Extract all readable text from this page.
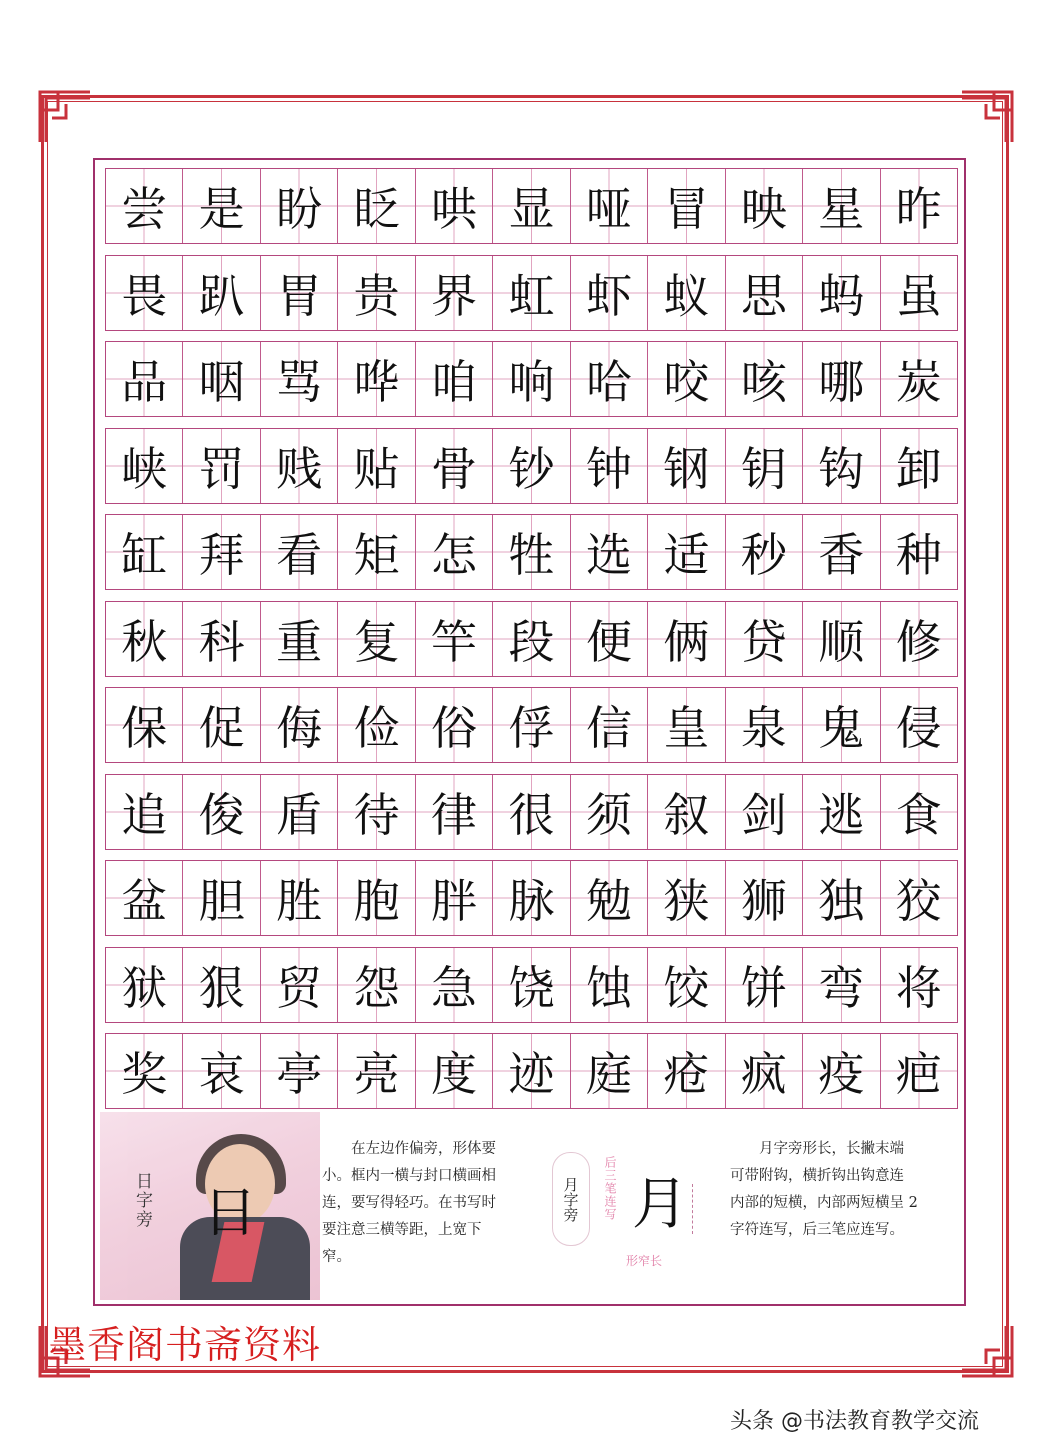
尝 是 盼 眨 哄 显 哑 冒 映 星 昨
畏 趴 胃 贵 界 虹 虾 蚁 思 蚂 虽
品 咽 骂 哗 咱 响 哈 咬 咳 哪 炭
峡 罚 贱 贴 骨 钞 钟 钢 钥 钩 卸
缸 拜 看 矩 怎 牲 选 适 秒 香 种
秋 科 重 复 竿 段 便 俩 贷 顺 修
保 促 侮 俭 俗 俘 信 皇 泉 鬼 侵
追 俊 盾 待 律 很 须 叙 剑 逃 食
盆 胆 胜 胞 胖 脉 勉 狭 狮 独 狡
狱 狠 贸 怨 急 饶 蚀 饺 饼 弯 将
奖 哀 亭 亮 度 迹 庭 疮 疯 疫 疤
日字旁 日

在左边作偏旁，形体要小。框内一横与封口横画相连，要写得轻巧。在书写时要注意三横等距，上宽下窄。

月字旁	后三笔连写 月
形窄长

月字旁形长，长撇末端可带附钩，横折钩出钩意连内部的短横，内部两短横呈 2 字符连写，后三笔应连写。

墨香阁书斋资料
头条 @书法教育教学交流
